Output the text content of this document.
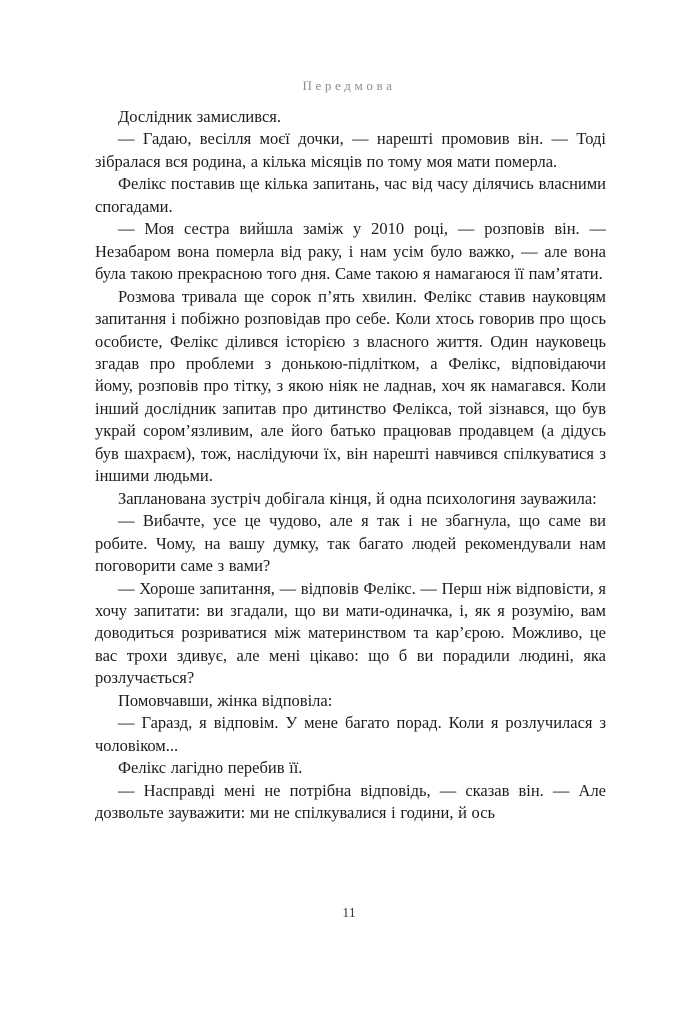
Передмова

Дослідник замислився.

— Гадаю, весілля моєї дочки, — нарешті промовив він. — Тоді зібралася вся родина, а кілька місяців по тому моя мати померла.

Фелікс поставив ще кілька запитань, час від часу ділячись власними спогадами.

— Моя сестра вийшла заміж у 2010 році, — розповів він. — Незабаром вона померла від раку, і нам усім було важко, — але вона була такою прекрасною того дня. Саме такою я намагаюся її пам’ятати.

Розмова тривала ще сорок п’ять хвилин. Фелікс ставив науковцям запитання і побіжно розповідав про себе. Коли хтось говорив про щось особисте, Фелікс ділився історією з власного життя. Один науковець згадав про проблеми з донькою-підлітком, а Фелікс, відповідаючи йому, розповів про тітку, з якою ніяк не ладнав, хоч як намагався. Коли інший дослідник запитав про дитинство Фелікса, той зізнався, що був украй сором’язливим, але його батько працював продавцем (а дідусь був шахраєм), тож, наслідуючи їх, він нарешті навчився спілкуватися з іншими людьми.

Запланована зустріч добігала кінця, й одна психологиня зауважила:

— Вибачте, усе це чудово, але я так і не збагнула, що саме ви робите. Чому, на вашу думку, так багато людей рекомендували нам поговорити саме з вами?

— Хороше запитання, — відповів Фелікс. — Перш ніж відповісти, я хочу запитати: ви згадали, що ви мати-одиначка, і, як я розумію, вам доводиться розриватися між материнством та кар’єрою. Можливо, це вас трохи здивує, але мені цікаво: що б ви порадили людині, яка розлучається?

Помовчавши, жінка відповіла:

— Гаразд, я відповім. У мене багато порад. Коли я розлучилася з чоловіком...

Фелікс лагідно перебив її.

— Насправді мені не потрібна відповідь, — сказав він. — Але дозвольте зауважити: ми не спілкувалися і години, й ось

11
